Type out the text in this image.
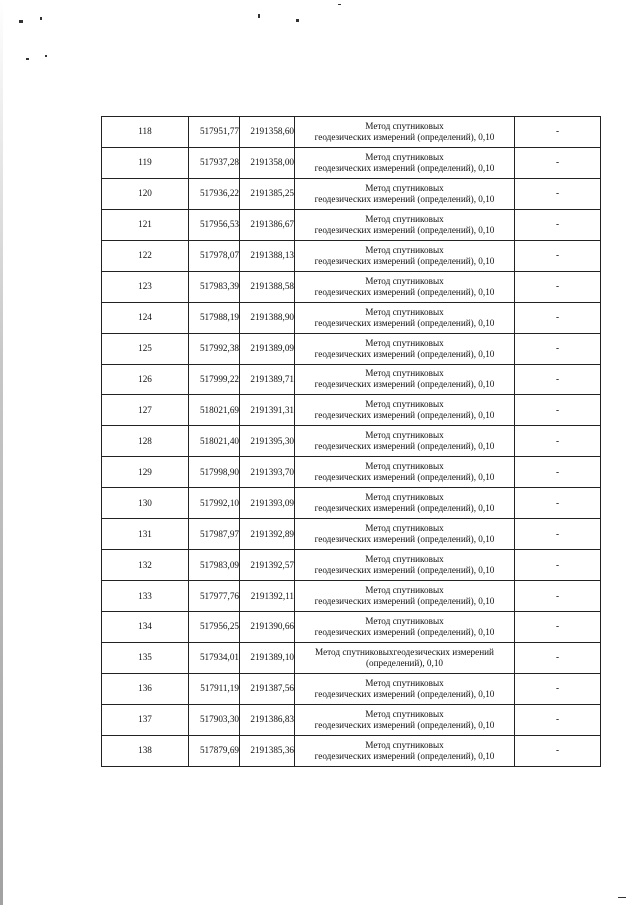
118	517951,77	2191358,60	Метод спутниковых
геодезических измерений (определений), 0,10	-
119	517937,28	2191358,00	Метод спутниковых
геодезических измерений (определений), 0,10	-
120	517936,22	2191385,25	Метод спутниковых
геодезических измерений (определений), 0,10	-
121	517956,53	2191386,67	Метод спутниковых
геодезических измерений (определений), 0,10	-
122	517978,07	2191388,13	Метод спутниковых
геодезических измерений (определений), 0,10	-
123	517983,39	2191388,58	Метод спутниковых
геодезических измерений (определений), 0,10	-
124	517988,19	2191388,90	Метод спутниковых
геодезических измерений (определений), 0,10	-
125	517992,38	2191389,09	Метод спутниковых
геодезических измерений (определений), 0,10	-
126	517999,22	2191389,71	Метод спутниковых
геодезических измерений (определений), 0,10	-
127	518021,69	2191391,31	Метод спутниковых
геодезических измерений (определений), 0,10	-
128	518021,40	2191395,30	Метод спутниковых
геодезических измерений (определений), 0,10	-
129	517998,90	2191393,70	Метод спутниковых
геодезических измерений (определений), 0,10	-
130	517992,10	2191393,09	Метод спутниковых
геодезических измерений (определений), 0,10	-
131	517987,97	2191392,89	Метод спутниковых
геодезических измерений (определений), 0,10	-
132	517983,09	2191392,57	Метод спутниковых
геодезических измерений (определений), 0,10	-
133	517977,76	2191392,11	Метод спутниковых
геодезических измерений (определений), 0,10	-
134	517956,25	2191390,66	Метод спутниковых
геодезических измерений (определений), 0,10	-
135	517934,01	2191389,10	Метод спутниковыхгеодезических измерений
(определений), 0,10	-
136	517911,19	2191387,56	Метод спутниковых
геодезических измерений (определений), 0,10	-
137	517903,30	2191386,83	Метод спутниковых
геодезических измерений (определений), 0,10	-
138	517879,69	2191385,36	Метод спутниковых
геодезических измерений (определений), 0,10	-
